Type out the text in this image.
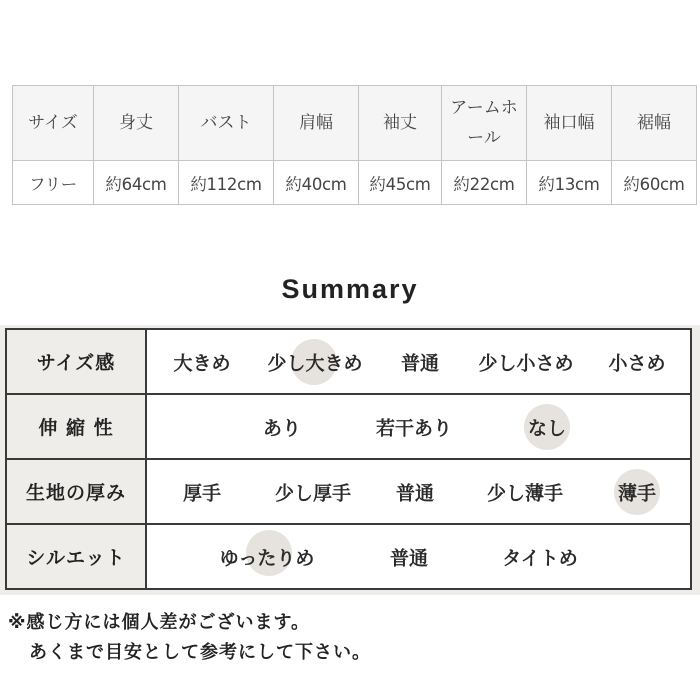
サイズ	身丈	バスト	肩幅	袖丈	アームホール	袖口幅	裾幅
フリー	約64cm	約112cm	約40cm	約45cm	約22cm	約13cm	約60cm
Summary
サイズ感	大きめ 少し大きめ 普通 少し小さめ 小さめ

伸 縮 性	あり 若干あり なし

生地の厚み	厚手 少し厚手 普通 少し薄手 薄手

シルエット	ゆったりめ 普通 タイトめ
※感じ方には個人差がございます。
あくまで目安として参考にして下さい。
